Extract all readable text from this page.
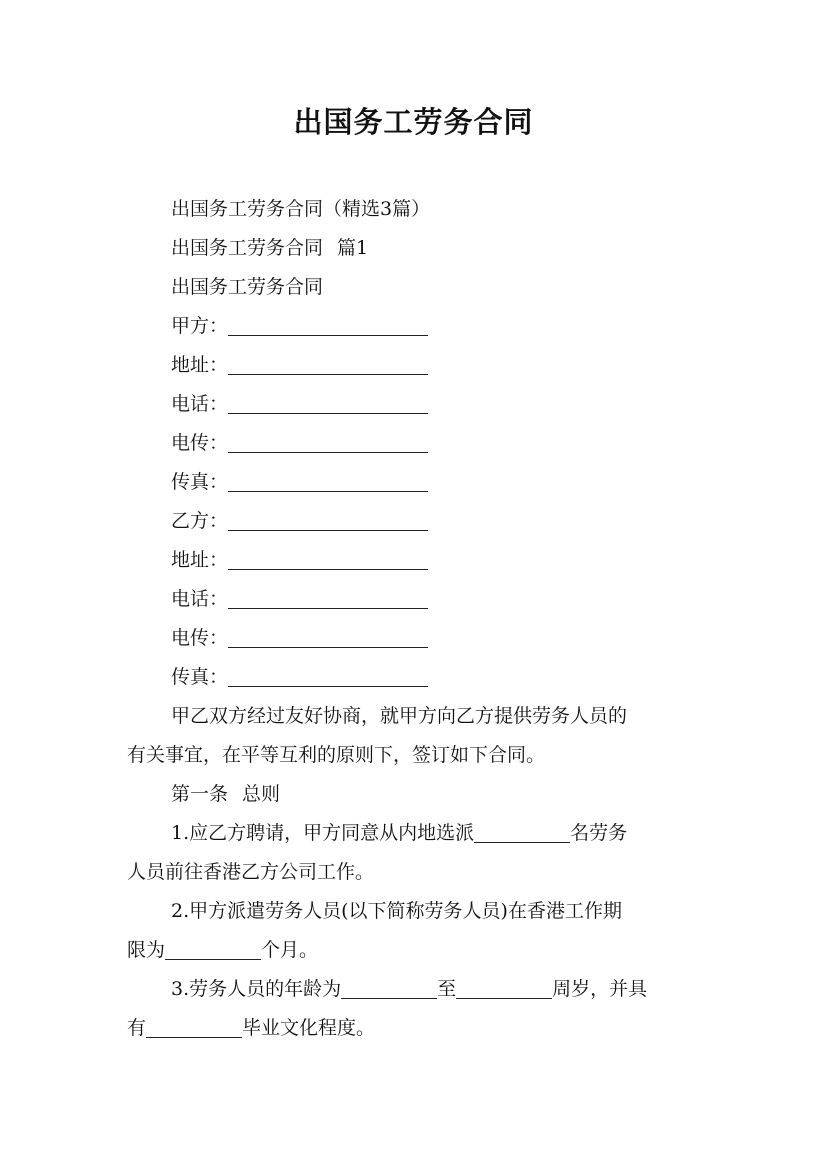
出国务工劳务合同
出国务工劳务合同（精选3篇）
出国务工劳务合同 篇1
出国务工劳务合同
甲方：
地址：
电话：
电传：
传真：
乙方：
地址：
电话：
电传：
传真：
甲乙双方经过友好协商，就甲方向乙方提供劳务人员的
有关事宜，在平等互利的原则下，签订如下合同。
第一条 总则
1.应乙方聘请，甲方同意从内地选派	名劳务
人员前往香港乙方公司工作。
2.甲方派遣劳务人员(以下简称劳务人员)在香港工作期
限为	个月。
3.劳务人员的年龄为	至	周岁，并具
有	毕业文化程度。
